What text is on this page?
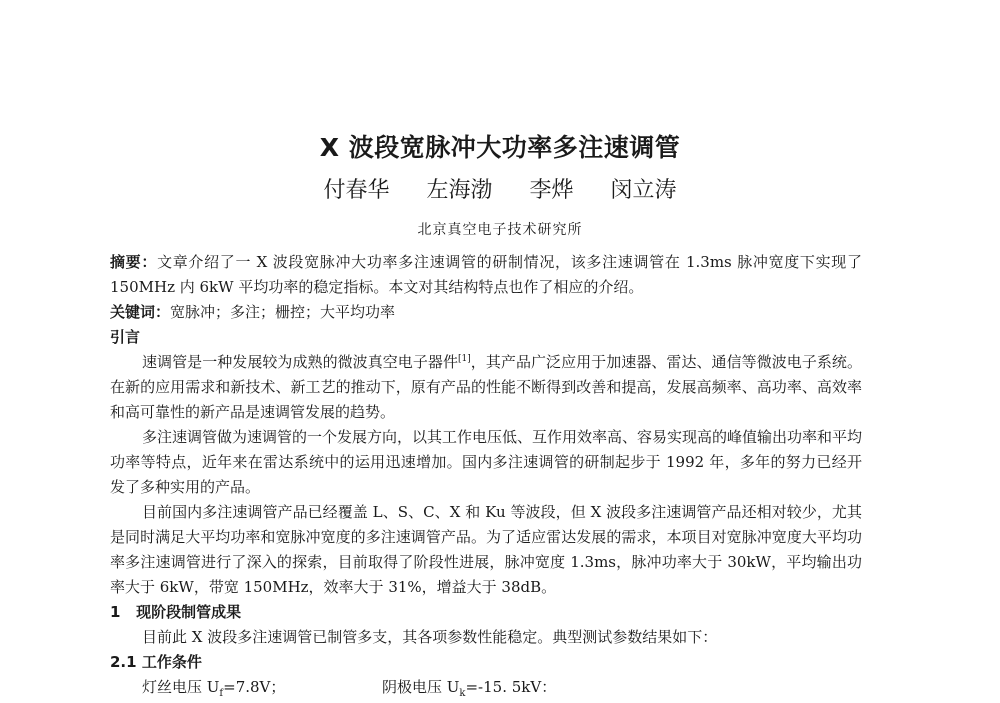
X 波段宽脉冲大功率多注速调管
付春华 左海渤 李烨 闵立涛
北京真空电子技术研究所

摘要：文章介绍了一 X 波段宽脉冲大功率多注速调管的研制情况，该多注速调管在 1.3ms 脉冲宽度下实现了 150MHz 内 6kW 平均功率的稳定指标。本文对其结构特点也作了相应的介绍。

关键词：宽脉冲；多注；栅控；大平均功率

引言

速调管是一种发展较为成熟的微波真空电子器件[1]，其产品广泛应用于加速器、雷达、通信等微波电子系统。在新的应用需求和新技术、新工艺的推动下，原有产品的性能不断得到改善和提高，发展高频率、高功率、高效率和高可靠性的新产品是速调管发展的趋势。

多注速调管做为速调管的一个发展方向，以其工作电压低、互作用效率高、容易实现高的峰值输出功率和平均功率等特点，近年来在雷达系统中的运用迅速增加。国内多注速调管的研制起步于 1992 年，多年的努力已经开发了多种实用的产品。

目前国内多注速调管产品已经覆盖 L、S、C、X 和 Ku 等波段，但 X 波段多注速调管产品还相对较少，尤其是同时满足大平均功率和宽脉冲宽度的多注速调管产品。为了适应雷达发展的需求，本项目对宽脉冲宽度大平均功率多注速调管进行了深入的探索，目前取得了阶段性进展，脉冲宽度 1.3ms，脉冲功率大于 30kW，平均输出功率大于 6kW，带宽 150MHz，效率大于 31%，增益大于 38dB。

1 现阶段制管成果

目前此 X 波段多注速调管已制管多支，其各项参数性能稳定。典型测试参数结果如下：

2.1 工作条件

灯丝电压 $U_f=7.8V$；	阴极电压 $U_k=-15$. 5kV：
